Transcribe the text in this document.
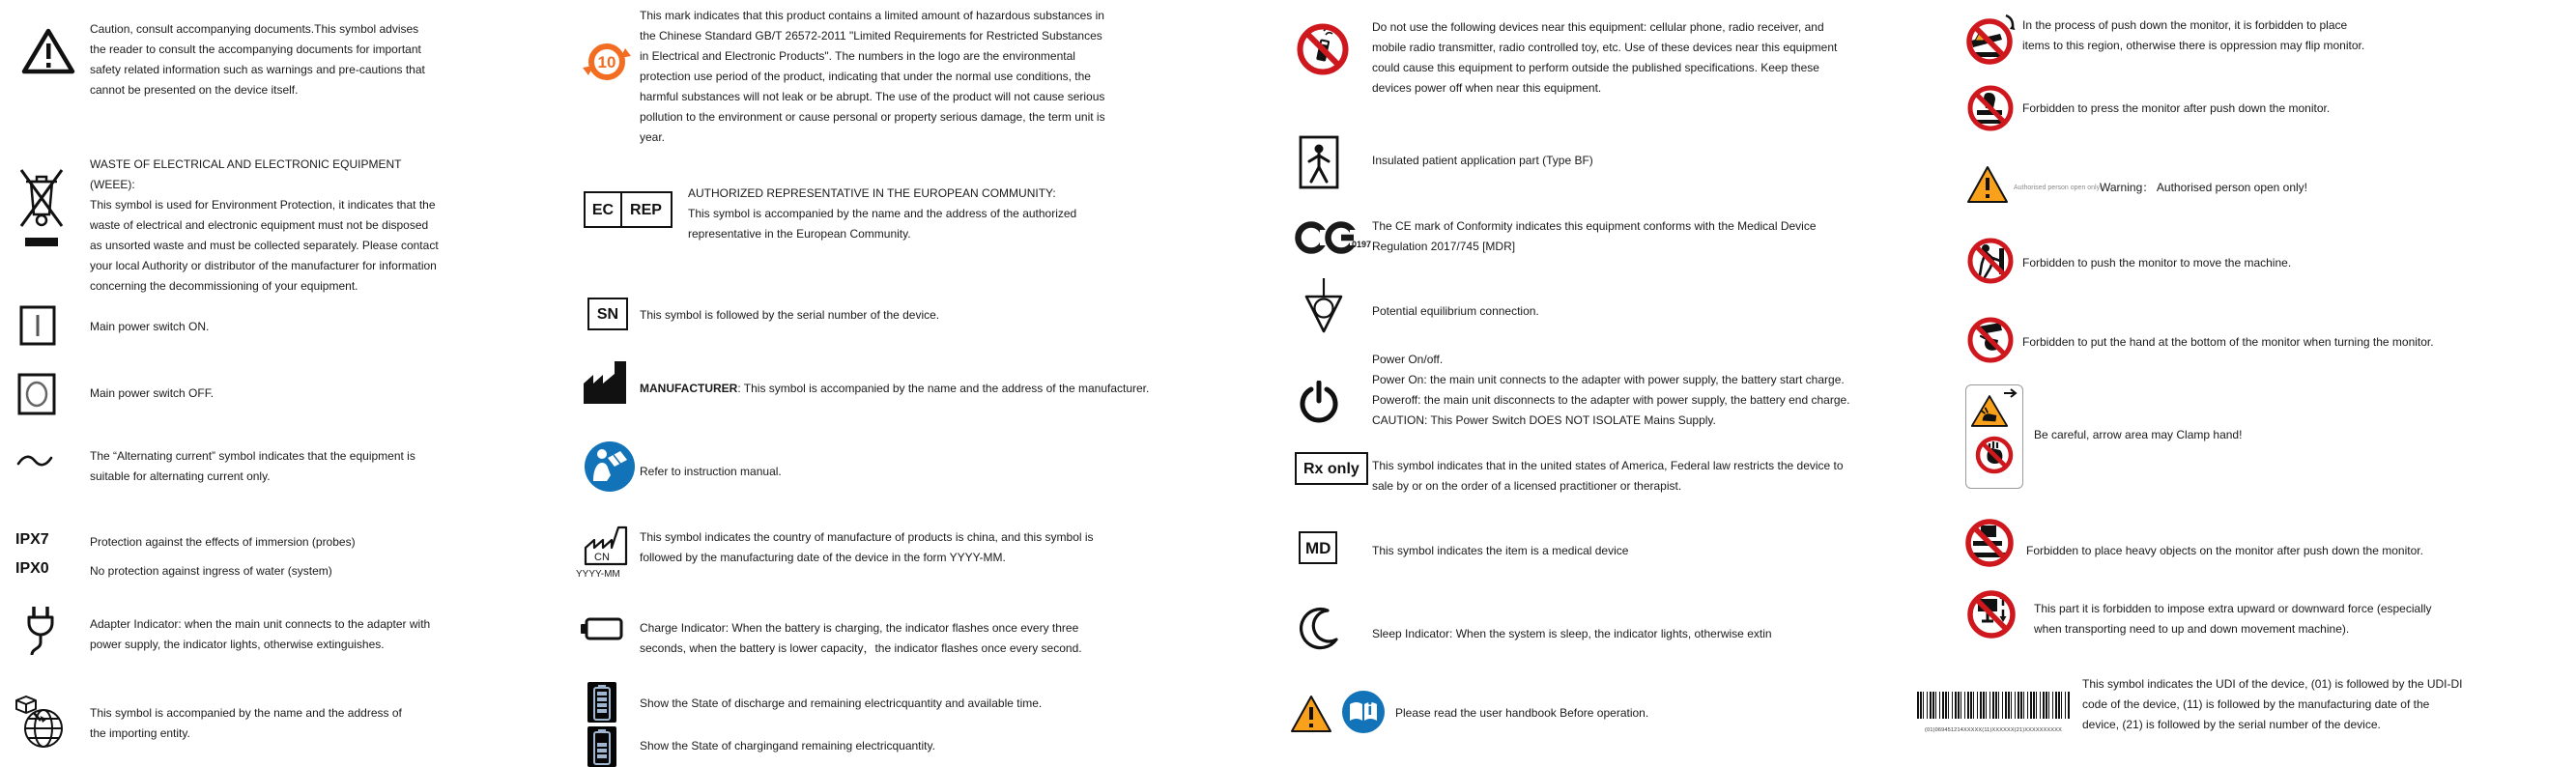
Caution, consult accompanying documents.This symbol advises the reader to consult the accompanying documents for important safety related information such as warnings and pre-cautions that cannot be presented on the device itself.
WASTE OF ELECTRICAL AND ELECTRONIC EQUIPMENT (WEEE):
This symbol is used for Environment Protection, it indicates that the waste of electrical and electronic equipment must not be disposed as unsorted waste and must be collected separately. Please contact your local Authority or distributor of the manufacturer for information concerning the decommissioning of your equipment.
Main power switch ON.
Main power switch OFF.
The “Alternating current” symbol indicates that the equipment is suitable for alternating current only.
IPX7	Protection against the effects of immersion (probes)
IPX0	No protection against ingress of water (system)
Adapter Indicator: when the main unit connects to the adapter with power supply, the indicator lights, otherwise extinguishes.
This symbol is accompanied by the name and the address of the importing entity.
10
This mark indicates that this product contains a limited amount of hazardous substances in the Chinese Standard GB/T 26572-2011 "Limited Requirements for Restricted Substances in Electrical and Electronic Products". The numbers in the logo are the environmental protection use period of the product, indicating that under the normal use conditions, the harmful substances will not leak or be abrupt. The use of the product will not cause serious pollution to the environment or cause personal or property serious damage, the term unit is year.
EC REP
AUTHORIZED REPRESENTATIVE IN THE EUROPEAN COMMUNITY:
This symbol is accompanied by the name and the address of the authorized representative in the European Community.
SN This symbol is followed by the serial number of the device.
MANUFACTURER: This symbol is accompanied by the name and the address of the manufacturer.
Refer to instruction manual.
CN
YYYY-MM
This symbol indicates the country of manufacture of products is china, and this symbol is followed by the manufacturing date of the device in the form YYYY-MM.
Charge Indicator: When the battery is charging, the indicator flashes once every three seconds, when the battery is lower capacity，the indicator flashes once every second.
Show the State of discharge and remaining electricquantity and available time.
Show the State of chargingand remaining electricquantity.
Do not use the following devices near this equipment: cellular phone, radio receiver, and mobile radio transmitter, radio controlled toy, etc. Use of these devices near this equipment could cause this equipment to perform outside the published specifications. Keep these devices power off when near this equipment.
Insulated patient application part (Type BF)
0197
The CE mark of Conformity indicates this equipment conforms with the Medical Device Regulation 2017/745 [MDR]
Potential equilibrium connection.
Power On/off.
Power On: the main unit connects to the adapter with power supply, the battery start charge.
Poweroff: the main unit disconnects to the adapter with power supply, the battery end charge.
CAUTION: This Power Switch DOES NOT ISOLATE Mains Supply.
Rx only This symbol indicates that in the united states of America, Federal law restricts the device to sale by or on the order of a licensed practitioner or therapist.
MD	This symbol indicates the item is a medical device
Sleep Indicator: When the system is sleep, the indicator lights, otherwise extin
Please read the user handbook Before operation.
In the process of push down the monitor, it is forbidden to place items to this region, otherwise there is oppression may flip monitor.
Forbidden to press the monitor after push down the monitor.
Authorised person open only!
Warning： Authorised person open only!
Forbidden to push the monitor to move the machine.
Forbidden to put the hand at the bottom of the monitor when turning the monitor.
Be careful, arrow area may Clamp hand!
Forbidden to place heavy objects on the monitor after push down the monitor.
This part it is forbidden to impose extra upward or downward force (especially when transporting need to up and down movement machine).
(01)069451214XXXXX(11)XXXXXX(21)XXXXXXXXXX
This symbol indicates the UDI of the device, (01) is followed by the UDI-DI code of the device, (11) is followed by the manufacturing date of the device, (21) is followed by the serial number of the device.
